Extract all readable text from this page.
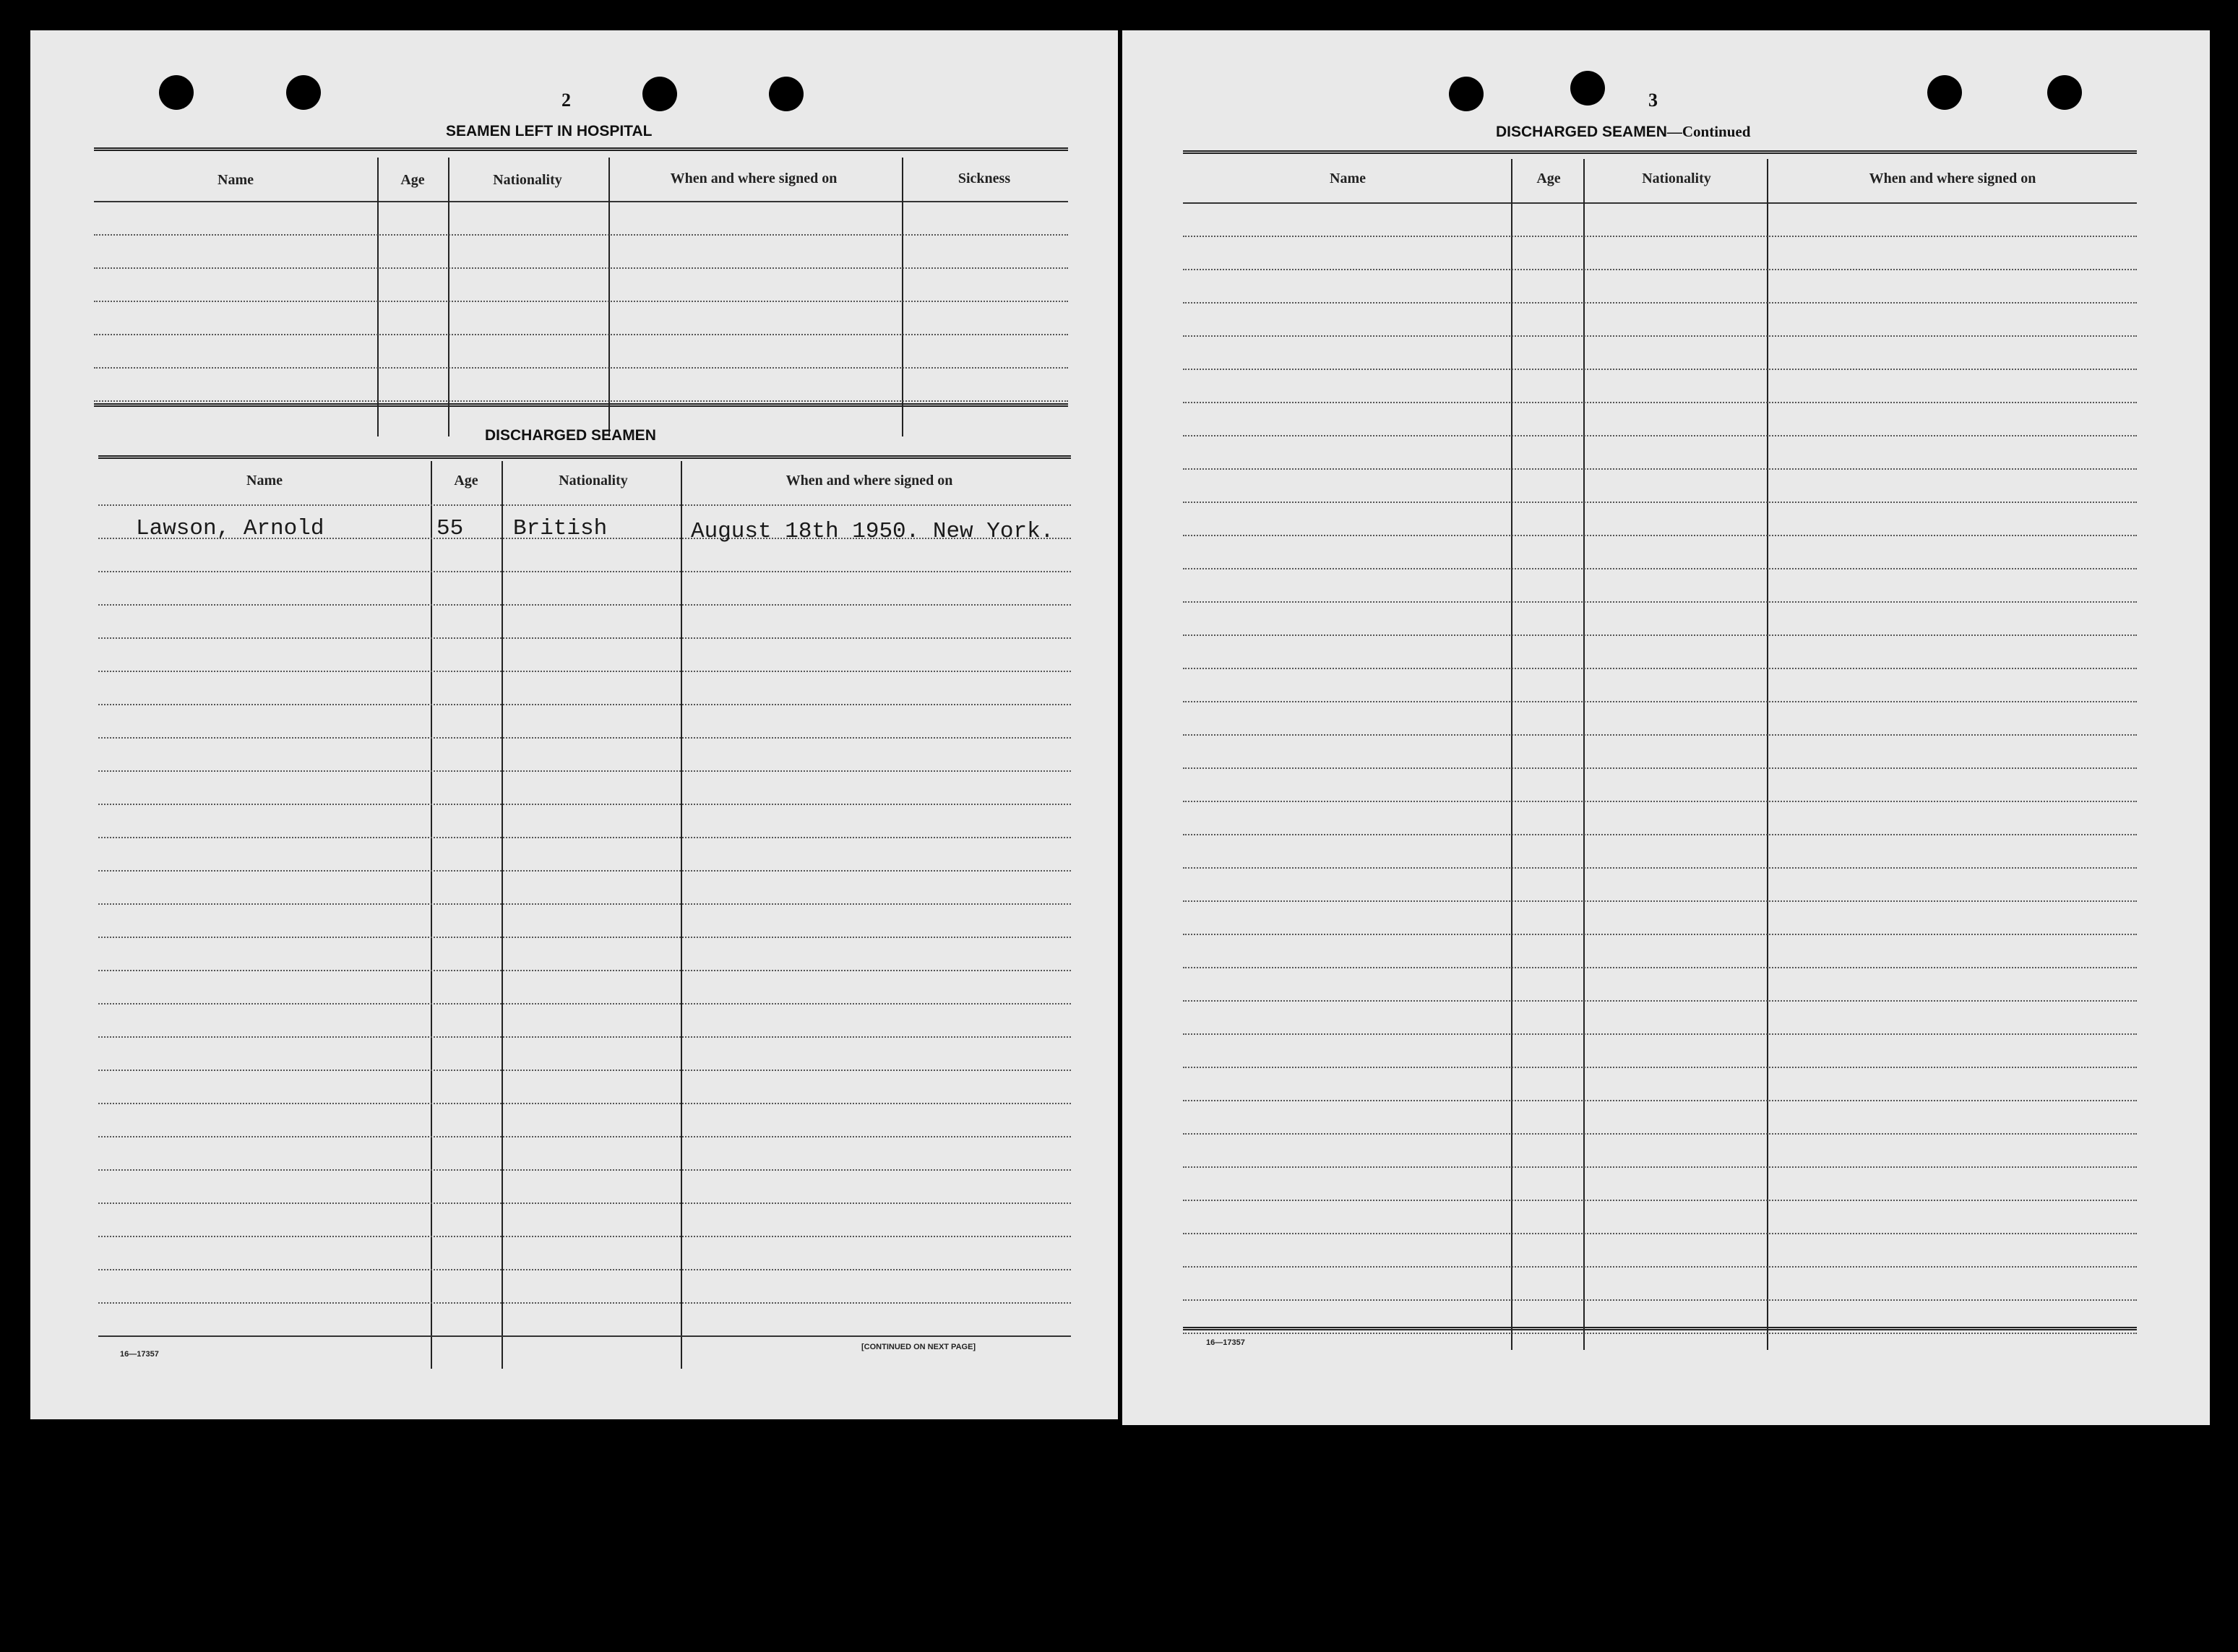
2
SEAMEN LEFT IN HOSPITAL
Name	Age	Nationality	When and where signed on	Sickness
DISCHARGED SEAMEN
Name	Age	Nationality	When and where signed on
Lawson, Arnold	55 British	August 18th 1950. New York.
16—17357
[CONTINUED ON NEXT PAGE]
3
DISCHARGED SEAMEN—Continued
Name	Age	Nationality	When and where signed on
16—17357
